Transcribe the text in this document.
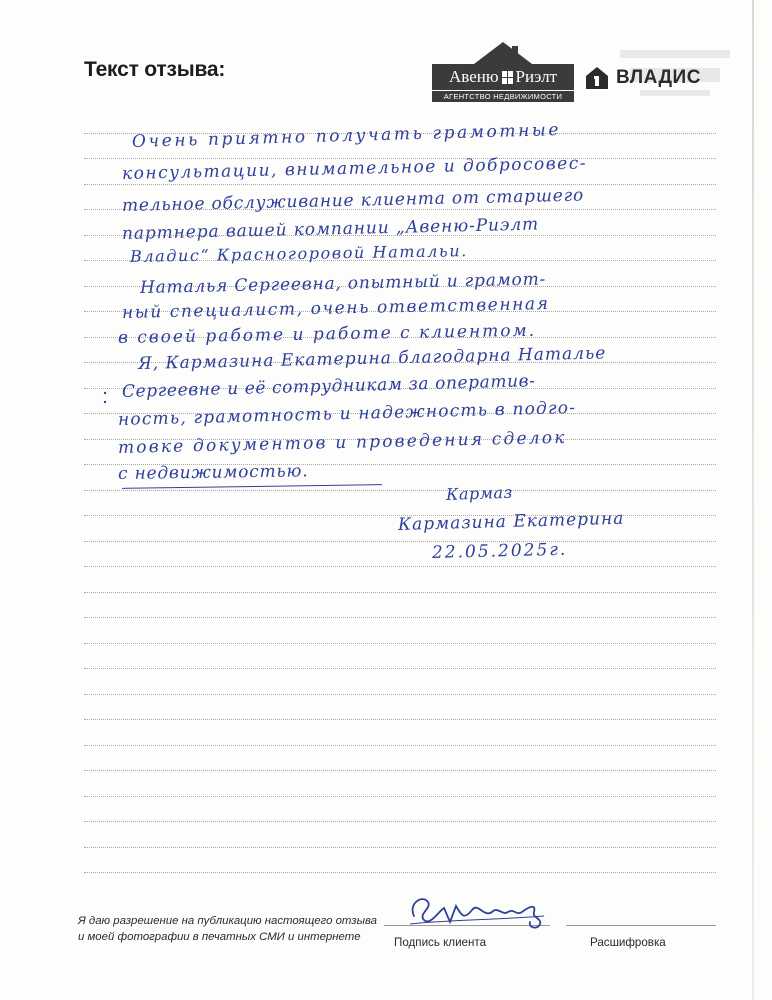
Текст отзыва:	Авеню Риэлт
АГЕНТСТВО НЕДВИЖИМОСТИ
ВЛАДИС
Очень приятно получать грамотные
консультации, внимательное и добросовес-
тельное обслуживание клиента от старшего
партнера вашей компании „Авеню-Риэлт
Владис“ Красногоровой Натальи.
Наталья Сергеевна, опытный и грамот-
ный специалист, очень ответственная
в своей работе и работе с клиентом.
Я, Кармазина Екатерина благодарна Наталье
Сергеевне и её сотрудникам за оператив-
ность, грамотность и надежность в подго-
товке документов и проведения сделок
с недвижимостью.
Кармаз
Кармазина Екатерина
22.05.2025г.
Я даю разрешение на публикацию настоящего отзыва и моей фотографии в печатных СМИ и интернете	Подпись клиента	Расшифровка
